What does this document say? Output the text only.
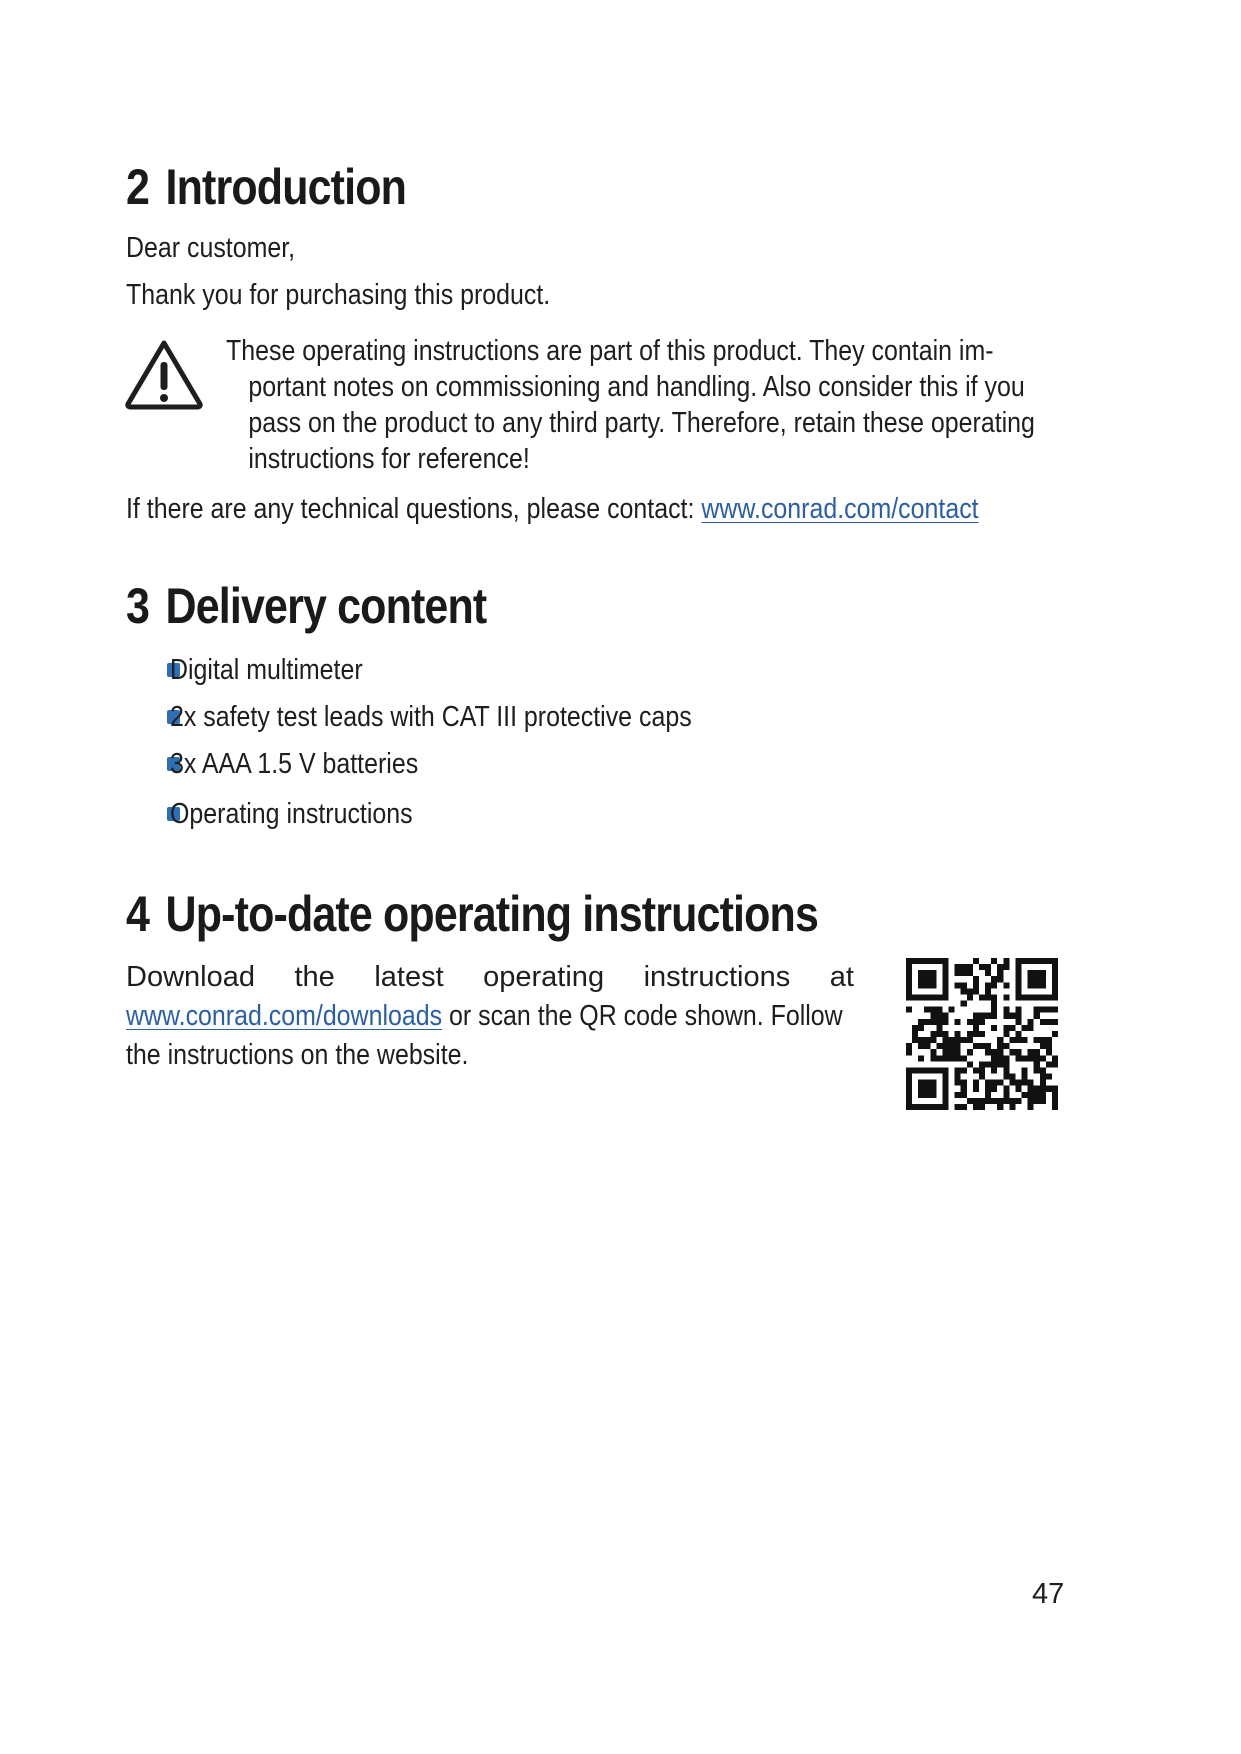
2 Introduction
Dear customer,
Thank you for purchasing this product.
These operating instructions are part of this product. They contain im-
portant notes on commissioning and handling. Also consider this if you
pass on the product to any third party. Therefore, retain these operating
instructions for reference!
If there are any technical questions, please contact: www.conrad.com/contact
3 Delivery content
Digital multimeter
2x safety test leads with CAT III protective caps
3x AAA 1.5 V batteries
Operating instructions
4 Up-to-date operating instructions
Download the latest operating instructions at
www.conrad.com/downloads or scan the QR code shown. Follow
the instructions on the website.
47
